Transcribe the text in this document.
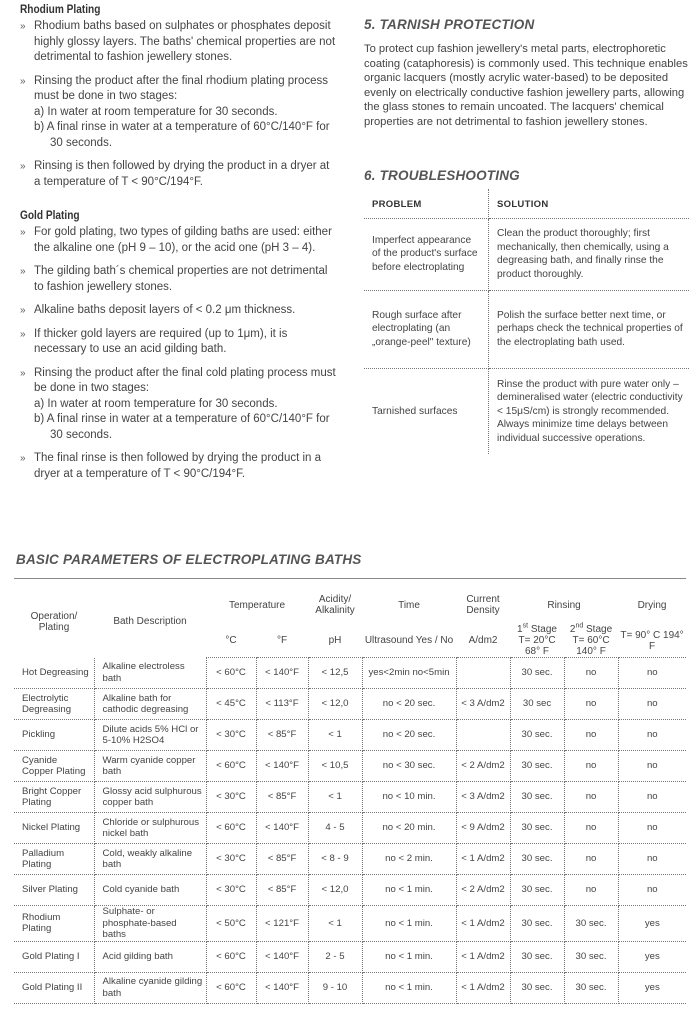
Rhodium Plating
» Rhodium baths based on sulphates or phosphates deposit highly glossy layers. The baths' chemical properties are not detrimental to fashion jewellery stones.
» Rinsing the product after the final rhodium plating process must be done in two stages:
a) In water at room temperature for 30 seconds.
b) A final rinse in water at a temperature of 60°C/140°F for
30 seconds.
» Rinsing is then followed by drying the product in a dryer at a temperature of T < 90°C/194°F.
Gold Plating
» For gold plating, two types of gilding baths are used: either the alkaline one (pH 9 – 10), or the acid one (pH 3 – 4).
» The gilding bath´s chemical properties are not detrimental to fashion jewellery stones.
» Alkaline baths deposit layers of < 0.2 μm thickness.
» If thicker gold layers are required (up to 1μm), it is necessary to use an acid gilding bath.
» Rinsing the product after the final cold plating process must be done in two stages:
a) In water at room temperature for 30 seconds.
b) A final rinse in water at a temperature of 60°C/140°F for
30 seconds.
» The final rinse is then followed by drying the product in a dryer at a temperature of T < 90°C/194°F.
5. TARNISH PROTECTION

To protect cup fashion jewellery's metal parts, electrophoretic coating (cataphoresis) is commonly used. This technique enables organic lacquers (mostly acrylic water-based) to be deposited evenly on electrically conductive fashion jewellery parts, allowing the glass stones to remain uncoated. The lacquers' chemical properties are not detrimental to fashion jewellery stones.

6. TROUBLESHOOTING
PROBLEM	SOLUTION
Imperfect appearance of the product's surface before electroplating	Clean the product thoroughly; first mechanically, then chemically, using a degreasing bath, and finally rinse the product thoroughly.
Rough surface after electroplating (an „orange-peel" texture)	Polish the surface better next time, or perhaps check the technical properties of the electroplating bath used.
Tarnished surfaces	Rinse the product with pure water only – demineralised water (electric conductivity < 15μS/cm) is strongly recommended. Always minimize time delays between individual successive operations.
BASIC PARAMETERS OF ELECTROPLATING BATHS
Operation/ Plating	Bath Description	Temperature		Acidity/ Alkalinity	Time	Current Density	Rinsing		Drying
		°C	°F	pH	Ultrasound Yes / No	A/dm2	1st Stage T= 20°C 68° F	2nd Stage T= 60°C 140° F	T= 90° C 194° F
Hot Degreasing	Alkaline electroless bath	< 60°C	< 140°F	< 12,5	yes<2min no<5min		30 sec.	no	no
Electrolytic Degreasing	Alkaline bath for cathodic degreasing	< 45°C	< 113°F	< 12,0	no < 20 sec.	< 3 A/dm2	30 sec	no	no
Pickling	Dilute acids 5% HCl or 5-10% H2SO4	< 30°C	< 85°F	< 1	no < 20 sec.		30 sec.	no	no
Cyanide Copper Plating	Warm cyanide copper bath	< 60°C	< 140°F	< 10,5	no < 30 sec.	< 2 A/dm2	30 sec.	no	no
Bright Copper Plating	Glossy acid sulphurous copper bath	< 30°C	< 85°F	< 1	no < 10 min.	< 3 A/dm2	30 sec.	no	no
Nickel Plating	Chloride or sulphurous nickel bath	< 60°C	< 140°F	4 - 5	no < 20 min.	< 9 A/dm2	30 sec.	no	no
Palladium Plating	Cold, weakly alkaline bath	< 30°C	< 85°F	< 8 - 9	no < 2 min.	< 1 A/dm2	30 sec.	no	no
Silver Plating	Cold cyanide bath	< 30°C	< 85°F	< 12,0	no < 1 min.	< 2 A/dm2	30 sec.	no	no
Rhodium Plating	Sulphate- or phosphate-based baths	< 50°C	< 121°F	< 1	no < 1 min.	< 1 A/dm2	30 sec.	30 sec.	yes
Gold Plating I	Acid gilding bath	< 60°C	< 140°F	2 - 5	no < 1 min.	< 1 A/dm2	30 sec.	30 sec.	yes
Gold Plating II	Alkaline cyanide gilding bath	< 60°C	< 140°F	9 - 10	no < 1 min.	< 1 A/dm2	30 sec.	30 sec.	yes
